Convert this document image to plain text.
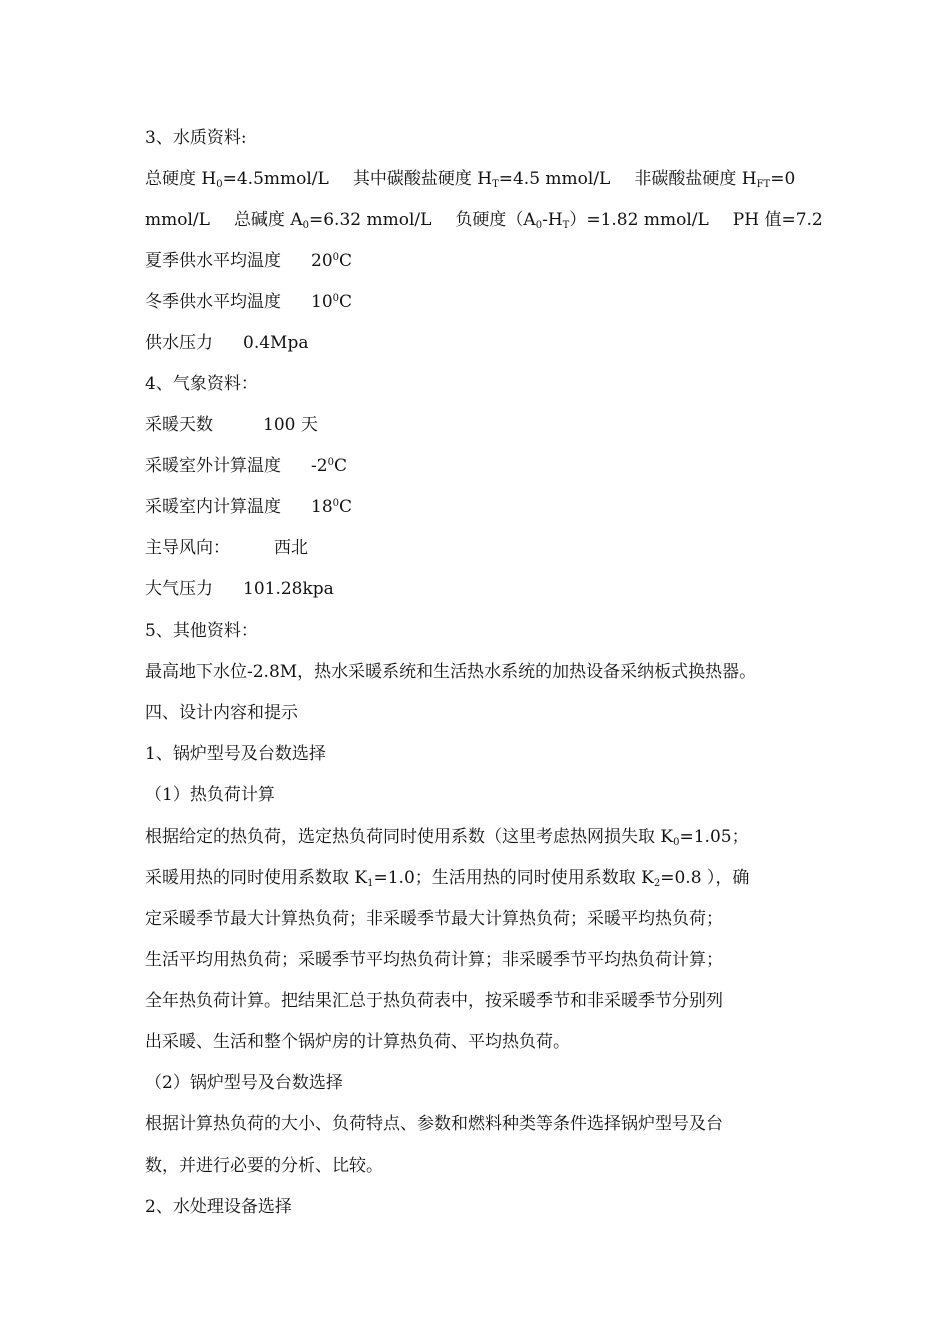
3、水质资料:
总硬度 $H_0=4.5mmol/L$ 其中碳酸盐硬度 $H_T=4.5$ mmol/L 非碳酸盐硬度 $H_{FT}=0$
mmol/L 总碱度 $A_0=6.32$ mmol/L 负硬度$(A_0-H_T)=1.82$ mmol/L PH 值=7.2
夏季供水平均温度 $20^0C$
冬季供水平均温度 $10^0C$
供水压力 0.4Mpa
4、气象资料：
采暖天数	100 天
采暖室外计算温度 $-2^0C$
采暖室内计算温度 $18^0C$
主导风向：	西北
大气压力 101.28kpa
5、其他资料：
最高地下水位-2.8M，热水采暖系统和生活热水系统的加热设备采纳板式换热器。
四、设计内容和提示
1、锅炉型号及台数选择
（1）热负荷计算
根据给定的热负荷，选定热负荷同时使用系数（这里考虑热网损失取 $K_0=1.05$；
采暖用热的同时使用系数取 $K_1=1.0$；生活用热的同时使用系数取 $K_2=0.8$ ），确
定采暖季节最大计算热负荷；非采暖季节最大计算热负荷；采暖平均热负荷；
生活平均用热负荷；采暖季节平均热负荷计算；非采暖季节平均热负荷计算；
全年热负荷计算。把结果汇总于热负荷表中，按采暖季节和非采暖季节分别列
出采暖、生活和整个锅炉房的计算热负荷、平均热负荷。
（2）锅炉型号及台数选择
根据计算热负荷的大小、负荷特点、参数和燃料种类等条件选择锅炉型号及台
数，并进行必要的分析、比较。
2、水处理设备选择
